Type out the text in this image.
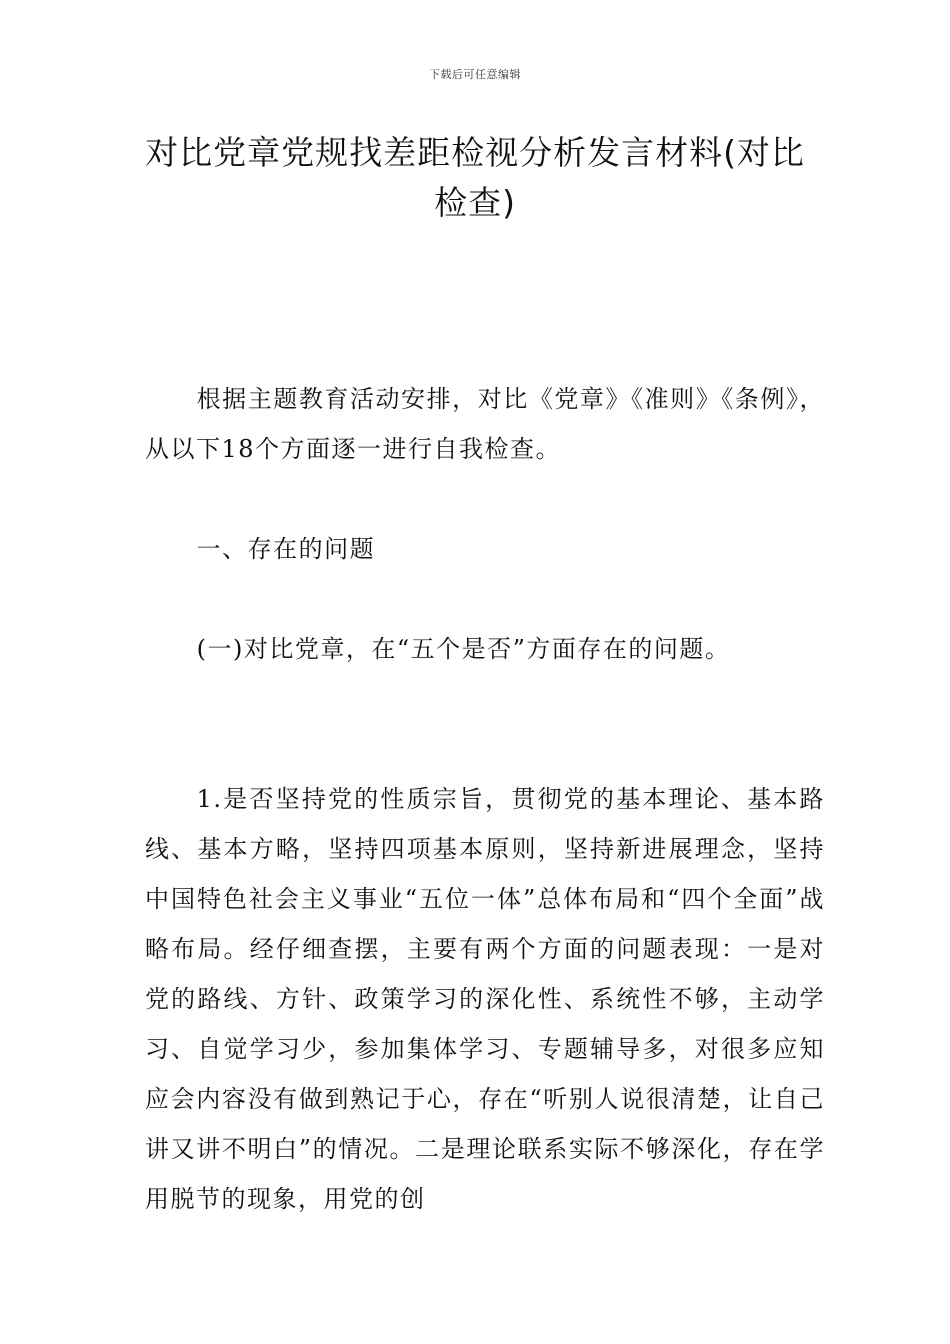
下载后可任意编辑
对比党章党规找差距检视分析发言材料(对比检查)

根据主题教育活动安排，对比《党章》《准则》《条例》，从以下18个方面逐一进行自我检查。

一、存在的问题

(一)对比党章，在“五个是否”方面存在的问题。

1.是否坚持党的性质宗旨，贯彻党的基本理论、基本路线、基本方略，坚持四项基本原则，坚持新进展理念，坚持中国特色社会主义事业“五位一体”总体布局和“四个全面”战略布局。经仔细查摆，主要有两个方面的问题表现：一是对党的路线、方针、政策学习的深化性、系统性不够，主动学习、自觉学习少，参加集体学习、专题辅导多，对很多应知应会内容没有做到熟记于心，存在“听别人说很清楚，让自己讲又讲不明白”的情况。二是理论联系实际不够深化，存在学用脱节的现象，用党的创
